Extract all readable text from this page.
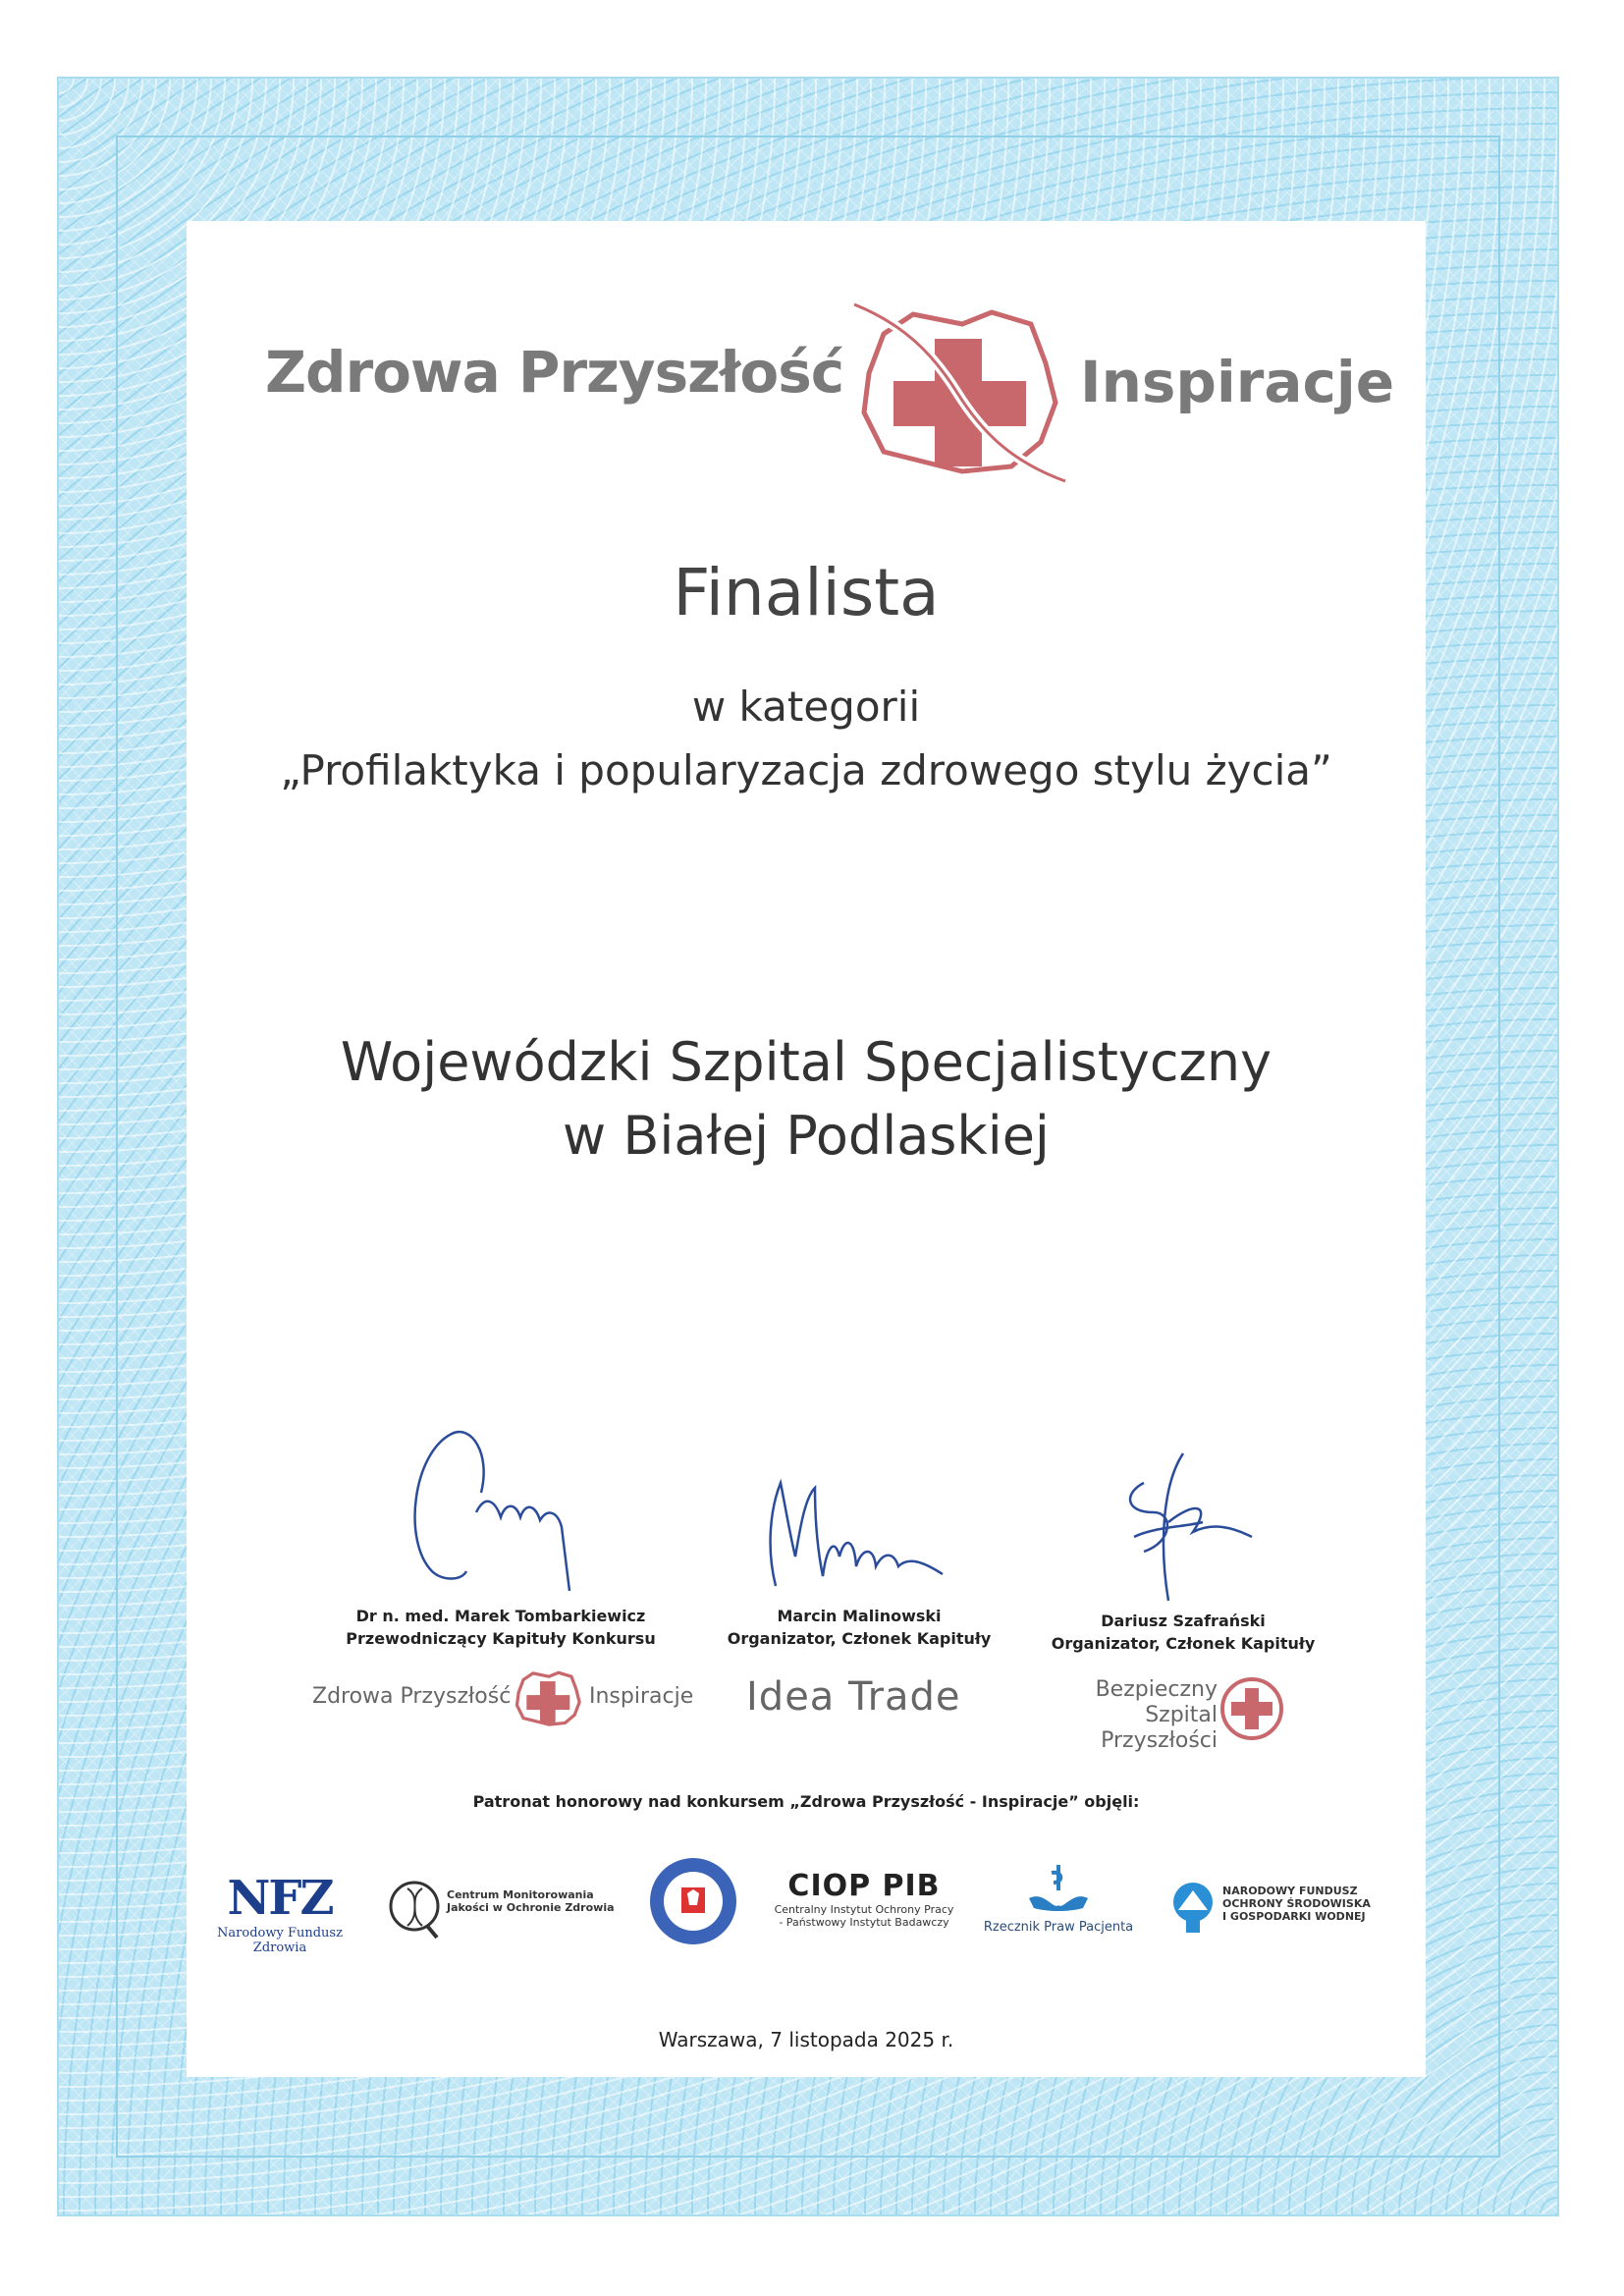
Zdrowa Przyszłość	Inspiracje
Finalista
w kategorii
„Profilaktyka i popularyzacja zdrowego stylu życia”
Wojewódzki Szpital Specjalistyczny
w Białej Podlaskiej
Dr n. med. Marek Tombarkiewicz
Przewodniczący Kapituły Konkursu
Marcin Malinowski
Organizator, Członek Kapituły
Dariusz Szafrański
Organizator, Członek Kapituły
Zdrowa Przyszłość	Inspiracje Idea Trade	Bezpieczny Szpital
Przyszłości
Patronat honorowy nad konkursem „Zdrowa Przyszłość - Inspiracje” objęli:
NFZ
Narodowy Fundusz Zdrowia
Centrum Monitorowania
Jakości w Ochronie Zdrowia
CIOP PIB
Centralny Instytut Ochrony Pracy
- Państwowy Instytut Badawczy	Rzecznik Praw Pacjenta
NARODOWY FUNDUSZ
OCHRONY ŚRODOWISKA
I GOSPODARKI WODNEJ
Warszawa, 7 listopada 2025 r.
